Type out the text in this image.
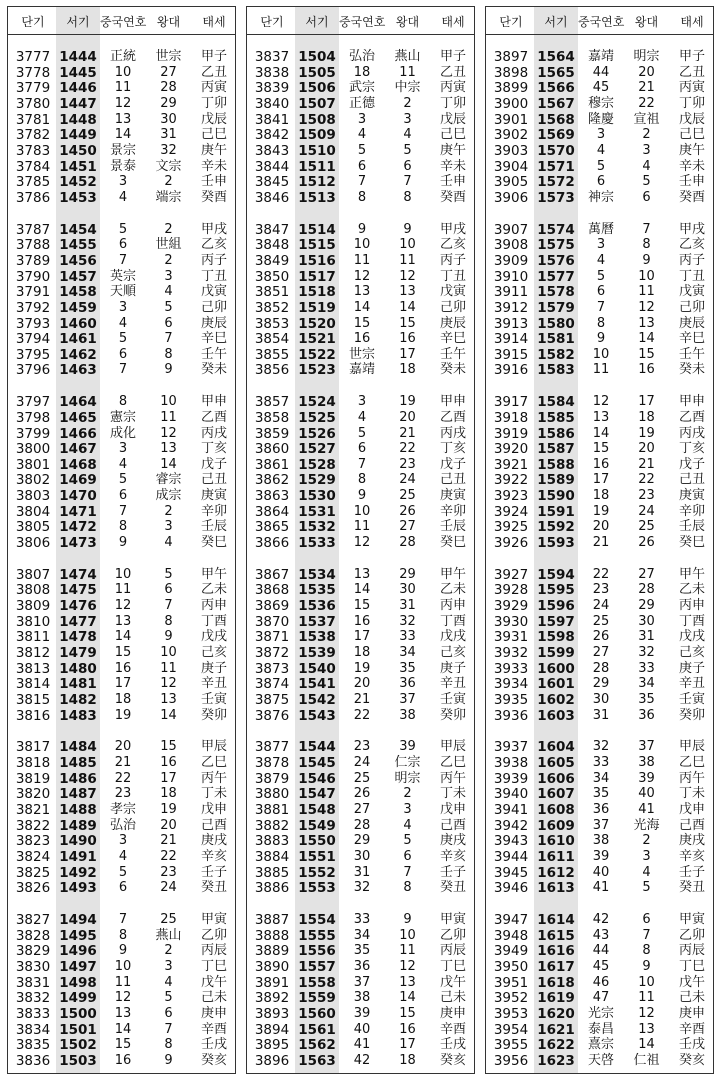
단기	서기 중국연호 왕대	태세
3777 1444	正統	世宗	甲子
3778 1445	10	27	乙丑
3779 1446	11	28	丙寅
3780 1447	12	29	丁卯
3781 1448	13	30	戊辰
3782 1449	14	31	己巳
3783 1450	景宗	32	庚午
3784 1451	景泰	文宗	辛未
3785 1452	3	2	壬申
3786 1453	4	端宗	癸酉
3787 1454	5	2	甲戌
3788 1455	6	世組	乙亥
3789 1456	7	2	丙子
3790 1457	英宗	3	丁丑
3791 1458	天順	4	戊寅
3792 1459	3	5	己卯
3793 1460	4	6	庚辰
3794 1461	5	7	辛巳
3795 1462	6	8	壬午
3796 1463	7	9	癸未
3797 1464	8	10	甲申
3798 1465	憲宗	11	乙酉
3799 1466	成化	12	丙戌
3800 1467	3	13	丁亥
3801 1468	4	14	戊子
3802 1469	5	睿宗	己丑
3803 1470	6	成宗	庚寅
3804 1471	7	2	辛卯
3805 1472	8	3	壬辰
3806 1473	9	4	癸巳
3807 1474	10	5	甲午
3808 1475	11	6	乙未
3809 1476	12	7	丙申
3810 1477	13	8	丁酉
3811 1478	14	9	戊戌
3812 1479	15	10	己亥
3813 1480	16	11	庚子
3814 1481	17	12	辛丑
3815 1482	18	13	壬寅
3816 1483	19	14	癸卯
3817 1484	20	15	甲辰
3818 1485	21	16	乙巳
3819 1486	22	17	丙午
3820 1487	23	18	丁未
3821 1488	孝宗	19	戊申
3822 1489	弘治	20	己酉
3823 1490	3	21	庚戌
3824 1491	4	22	辛亥
3825 1492	5	23	壬子
3826 1493	6	24	癸丑
3827 1494	7	25	甲寅
3828 1495	8	燕山	乙卯
3829 1496	9	2	丙辰
3830 1497	10	3	丁巳
3831 1498	11	4	戊午
3832 1499	12	5	己未
3833 1500	13	6	庚申
3834 1501	14	7	辛酉
3835 1502	15	8	壬戌
3836 1503	16	9	癸亥
단기	서기 중국연호 왕대	태세
3837 1504	弘治	燕山	甲子
3838 1505	18	11	乙丑
3839 1506	武宗	中宗	丙寅
3840 1507	正德	2	丁卯
3841 1508	3	3	戊辰
3842 1509	4	4	己巳
3843 1510	5	5	庚午
3844 1511	6	6	辛未
3845 1512	7	7	壬申
3846 1513	8	8	癸酉
3847 1514	9	9	甲戌
3848 1515	10	10	乙亥
3849 1516	11	11	丙子
3850 1517	12	12	丁丑
3851 1518	13	13	戊寅
3852 1519	14	14	己卯
3853 1520	15	15	庚辰
3854 1521	16	16	辛巳
3855 1522	世宗	17	壬午
3856 1523	嘉靖	18	癸未
3857 1524	3	19	甲申
3858 1525	4	20	乙酉
3859 1526	5	21	丙戌
3860 1527	6	22	丁亥
3861 1528	7	23	戊子
3862 1529	8	24	己丑
3863 1530	9	25	庚寅
3864 1531	10	26	辛卯
3865 1532	11	27	壬辰
3866 1533	12	28	癸巳
3867 1534	13	29	甲午
3868 1535	14	30	乙未
3869 1536	15	31	丙申
3870 1537	16	32	丁酉
3871 1538	17	33	戊戌
3872 1539	18	34	己亥
3873 1540	19	35	庚子
3874 1541	20	36	辛丑
3875 1542	21	37	壬寅
3876 1543	22	38	癸卯
3877 1544	23	39	甲辰
3878 1545	24	仁宗	乙巳
3879 1546	25	明宗	丙午
3880 1547	26	2	丁未
3881 1548	27	3	戊申
3882 1549	28	4	己酉
3883 1550	29	5	庚戌
3884 1551	30	6	辛亥
3885 1552	31	7	壬子
3886 1553	32	8	癸丑
3887 1554	33	9	甲寅
3888 1555	34	10	乙卯
3889 1556	35	11	丙辰
3890 1557	36	12	丁巳
3891 1558	37	13	戊午
3892 1559	38	14	己未
3893 1560	39	15	庚申
3894 1561	40	16	辛酉
3895 1562	41	17	壬戌
3896 1563	42	18	癸亥
단기	서기 중국연호 왕대	태세
3897 1564	嘉靖	明宗	甲子
3898 1565	44	20	乙丑
3899 1566	45	21	丙寅
3900 1567	穆宗	22	丁卯
3901 1568	隆慶	宣祖	戊辰
3902 1569	3	2	己巳
3903 1570	4	3	庚午
3904 1571	5	4	辛未
3905 1572	6	5	壬申
3906 1573	神宗	6	癸酉
3907 1574	萬曆	7	甲戌
3908 1575	3	8	乙亥
3909 1576	4	9	丙子
3910 1577	5	10	丁丑
3911 1578	6	11	戊寅
3912 1579	7	12	己卯
3913 1580	8	13	庚辰
3914 1581	9	14	辛巳
3915 1582	10	15	壬午
3916 1583	11	16	癸未
3917 1584	12	17	甲申
3918 1585	13	18	乙酉
3919 1586	14	19	丙戌
3920 1587	15	20	丁亥
3921 1588	16	21	戊子
3922 1589	17	22	己丑
3923 1590	18	23	庚寅
3924 1591	19	24	辛卯
3925 1592	20	25	壬辰
3926 1593	21	26	癸巳
3927 1594	22	27	甲午
3928 1595	23	28	乙未
3929 1596	24	29	丙申
3930 1597	25	30	丁酉
3931 1598	26	31	戊戌
3932 1599	27	32	己亥
3933 1600	28	33	庚子
3934 1601	29	34	辛丑
3935 1602	30	35	壬寅
3936 1603	31	36	癸卯
3937 1604	32	37	甲辰
3938 1605	33	38	乙巳
3939 1606	34	39	丙午
3940 1607	35	40	丁未
3941 1608	36	41	戊申
3942 1609	37	光海	己酉
3943 1610	38	2	庚戌
3944 1611	39	3	辛亥
3945 1612	40	4	壬子
3946 1613	41	5	癸丑
3947 1614	42	6	甲寅
3948 1615	43	7	乙卯
3949 1616	44	8	丙辰
3950 1617	45	9	丁巳
3951 1618	46	10	戊午
3952 1619	47	11	己未
3953 1620	光宗	12	庚申
3954 1621	泰昌	13	辛酉
3955 1622	熹宗	14	壬戌
3956 1623	天啓	仁祖	癸亥
